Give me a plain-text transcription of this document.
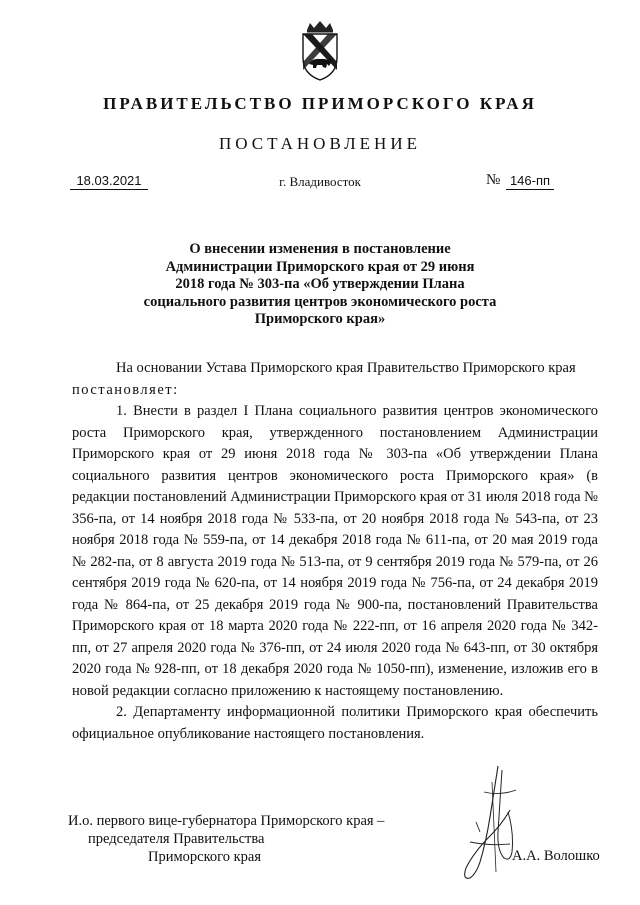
ПРАВИТЕЛЬСТВО ПРИМОРСКОГО КРАЯ
ПОСТАНОВЛЕНИЕ
18.03.2021	г. Владивосток	№ 146-пп
О внесении изменения в постановление
Администрации Приморского края от 29 июня
2018 года № 303-па «Об утверждении Плана
социального развития центров экономического роста
Приморского края»

На основании Устава Приморского края Правительство Приморского края

постановляет:

1. Внести в раздел I Плана социального развития центров экономического роста Приморского края, утвержденного постановлением Администрации Приморского края от 29 июня 2018 года № 303-па «Об утверждении Плана социального развития центров экономического роста Приморского края» (в редакции постановлений Администрации Приморского края от 31 июля 2018 года № 356-па, от 14 ноября 2018 года № 533-па, от 20 ноября 2018 года № 543-па, от 23 ноября 2018 года № 559-па, от 14 декабря 2018 года № 611-па, от 20 мая 2019 года № 282-па, от 8 августа 2019 года № 513-па, от 9 сентября 2019 года № 579-па, от 26 сентября 2019 года № 620-па, от 14 ноября 2019 года № 756-па, от 24 декабря 2019 года № 864-па, от 25 декабря 2019 года № 900-па, постановлений Правительства Приморского края от 18 марта 2020 года № 222-пп, от 16 апреля 2020 года № 342-пп, от 27 апреля 2020 года № 376-пп, от 24 июля 2020 года № 643-пп, от 30 октября 2020 года № 928-пп, от 18 декабря 2020 года № 1050-пп), изменение, изложив его в новой редакции согласно приложению к настоящему постановлению.

2. Департаменту информационной политики Приморского края обеспечить официальное опубликование настоящего постановления.

И.о. первого вице-губернатора Приморского края –
председателя Правительства
Приморского края	А.А. Волошко
